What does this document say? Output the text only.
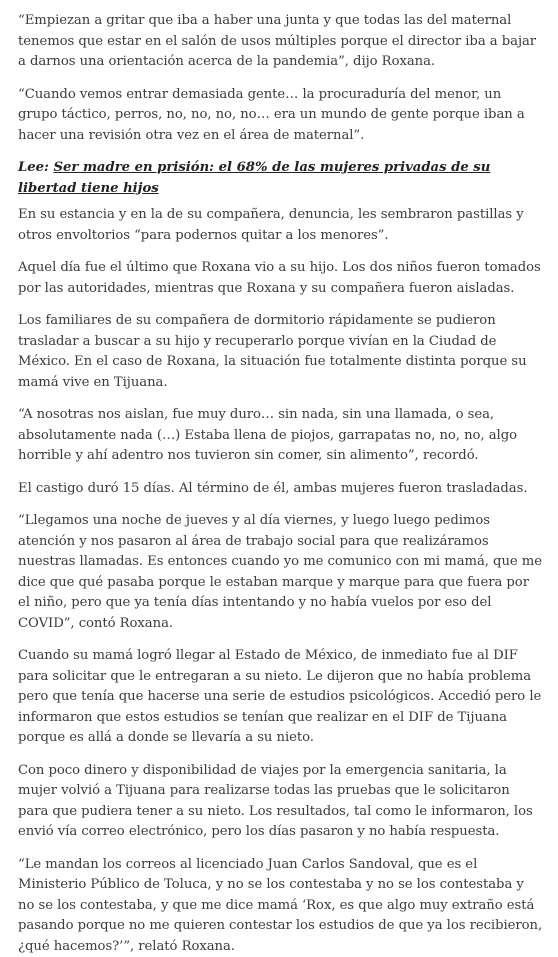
“Empiezan a gritar que iba a haber una junta y que todas las del maternal tenemos que estar en el salón de usos múltiples porque el director iba a bajar a darnos una orientación acerca de la pandemia”, dijo Roxana.

“Cuando vemos entrar demasiada gente… la procuraduría del menor, un grupo táctico, perros, no, no, no, no… era un mundo de gente porque iban a hacer una revisión otra vez en el área de maternal”.

Lee: Ser madre en prisión: el 68% de las mujeres privadas de su libertad tiene hijos

En su estancia y en la de su compañera, denuncia, les sembraron pastillas y otros envoltorios “para podernos quitar a los menores”.

Aquel día fue el último que Roxana vio a su hijo. Los dos niños fueron tomados por las autoridades, mientras que Roxana y su compañera fueron aisladas.

Los familiares de su compañera de dormitorio rápidamente se pudieron trasladar a buscar a su hijo y recuperarlo porque vivían en la Ciudad de México. En el caso de Roxana, la situación fue totalmente distinta porque su mamá vive en Tijuana.

“A nosotras nos aislan, fue muy duro… sin nada, sin una llamada, o sea, absolutamente nada (…) Estaba llena de piojos, garrapatas no, no, no, algo horrible y ahí adentro nos tuvieron sin comer, sin alimento”, recordó.

El castigo duró 15 días. Al término de él, ambas mujeres fueron trasladadas.

“Llegamos una noche de jueves y al día viernes, y luego luego pedimos atención y nos pasaron al área de trabajo social para que realizáramos nuestras llamadas. Es entonces cuando yo me comunico con mi mamá, que me dice que qué pasaba porque le estaban marque y marque para que fuera por el niño, pero que ya tenía días intentando y no había vuelos por eso del COVID”, contó Roxana.

Cuando su mamá logró llegar al Estado de México, de inmediato fue al DIF para solicitar que le entregaran a su nieto. Le dijeron que no había problema pero que tenía que hacerse una serie de estudios psicológicos. Accedió pero le informaron que estos estudios se tenían que realizar en el DIF de Tijuana porque es allá a donde se llevaría a su nieto.

Con poco dinero y disponibilidad de viajes por la emergencia sanitaria, la mujer volvió a Tijuana para realizarse todas las pruebas que le solicitaron para que pudiera tener a su nieto. Los resultados, tal como le informaron, los envió vía correo electrónico, pero los días pasaron y no había respuesta.

“Le mandan los correos al licenciado Juan Carlos Sandoval, que es el Ministerio Público de Toluca, y no se los contestaba y no se los contestaba y no se los contestaba, y que me dice mamá ‘Rox, es que algo muy extraño está pasando porque no me quieren contestar los estudios de que ya los recibieron, ¿qué hacemos?’”, relató Roxana.
